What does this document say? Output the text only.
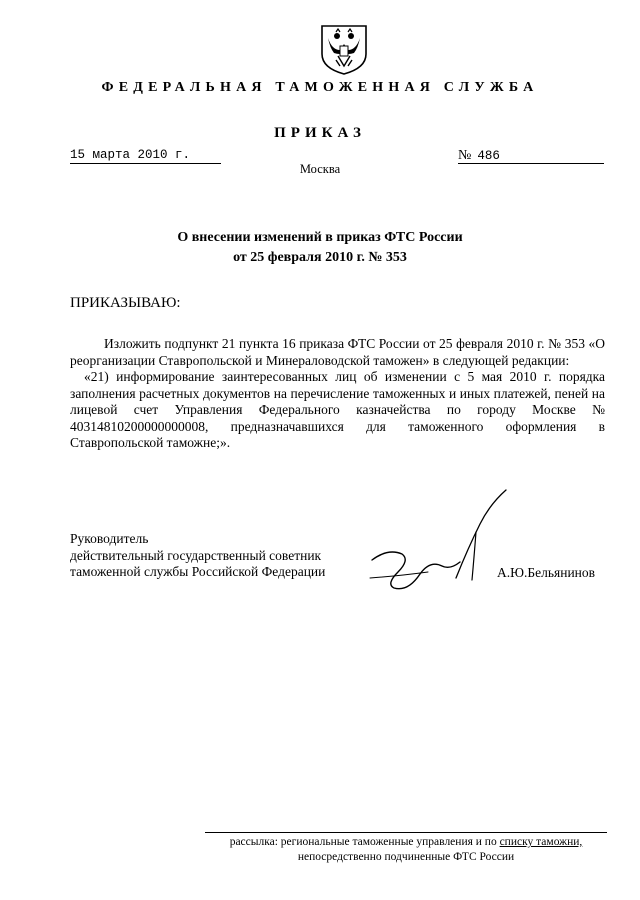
ФЕДЕРАЛЬНАЯ ТАМОЖЕННАЯ СЛУЖБА
ПРИКАЗ
15 марта 2010 г.	№ 486
Москва
О внесении изменений в приказ ФТС России
от 25 февраля 2010 г. № 353
ПРИКАЗЫВАЮ:

Изложить подпункт 21 пункта 16 приказа ФТС России от 25 февраля 2010 г. № 353 «О реорганизации Ставропольской и Минераловодской таможен» в следующей редакции:

«21) информирование заинтересованных лиц об изменении с 5 мая 2010 г. порядка заполнения расчетных документов на перечисление таможенных и иных платежей, пеней на лицевой счет Управления Федерального казначейства по городу Москве № 40314810200000000008, предназначавшихся для таможенного оформления в Ставропольской таможне;».

Руководитель
действительный государственный советник
таможенной службы Российской Федерации	А.Ю.Бельянинов
рассылка: региональные таможенные управления и по списку таможни,
непосредственно подчиненные ФТС России
